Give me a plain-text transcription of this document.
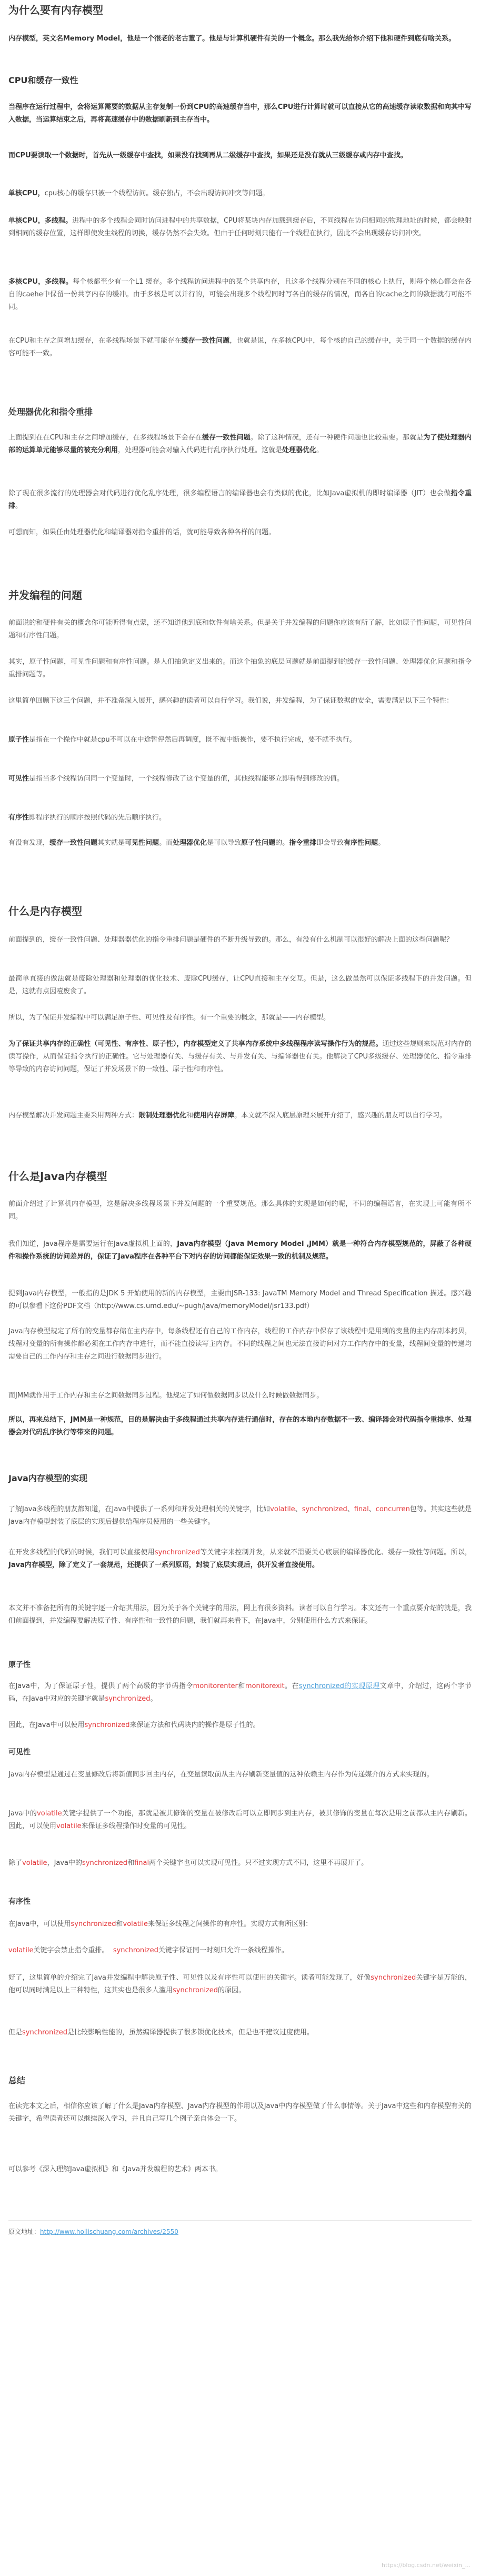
为什么要有内存模型

内存模型，英文名Memory Model，他是一个很老的老古董了。他是与计算机硬件有关的一个概念。那么我先给你介绍下他和硬件到底有啥关系。

CPU和缓存一致性

当程序在运行过程中，会将运算需要的数据从主存复制一份到CPU的高速缓存当中，那么CPU进行计算时就可以直接从它的高速缓存读取数据和向其中写入数据，当运算结束之后，再将高速缓存中的数据刷新到主存当中。

而CPU要读取一个数据时，首先从一级缓存中查找，如果没有找到再从二级缓存中查找，如果还是没有就从三级缓存或内存中查找。

单核CPU，cpu核心的缓存只被一个线程访问。缓存独占，不会出现访问冲突等问题。

单核CPU，多线程。进程中的多个线程会同时访问进程中的共享数据，CPU将某块内存加载到缓存后，不同线程在访问相同的物理地址的时候，都会映射到相同的缓存位置，这样即使发生线程的切换，缓存仍然不会失效。但由于任何时刻只能有一个线程在执行，因此不会出现缓存访问冲突。

多核CPU，多线程。每个核都至少有一个L1 缓存。多个线程访问进程中的某个共享内存，且这多个线程分别在不同的核心上执行，则每个核心都会在各自的caehe中保留一份共享内存的缓冲。由于多核是可以并行的，可能会出现多个线程同时写各自的缓存的情况，而各自的cache之间的数据就有可能不同。

在CPU和主存之间增加缓存，在多线程场景下就可能存在缓存一致性问题，也就是说，在多核CPU中，每个核的自己的缓存中，关于同一个数据的缓存内容可能不一致。

处理器优化和指令重排

上面提到在在CPU和主存之间增加缓存，在多线程场景下会存在缓存一致性问题。除了这种情况，还有一种硬件问题也比较重要。那就是为了使处理器内部的运算单元能够尽量的被充分利用，处理器可能会对输入代码进行乱序执行处理。这就是处理器优化。

除了现在很多流行的处理器会对代码进行优化乱序处理，很多编程语言的编译器也会有类似的优化，比如Java虚拟机的即时编译器（JIT）也会做指令重排。

可想而知，如果任由处理器优化和编译器对指令重排的话，就可能导致各种各样的问题。

并发编程的问题

前面说的和硬件有关的概念你可能听得有点蒙，还不知道他到底和软件有啥关系。但是关于并发编程的问题你应该有所了解，比如原子性问题，可见性问题和有序性问题。

其实，原子性问题，可见性问题和有序性问题。是人们抽象定义出来的。而这个抽象的底层问题就是前面提到的缓存一致性问题、处理器优化问题和指令重排问题等。

这里简单回顾下这三个问题，并不准备深入展开，感兴趣的读者可以自行学习。我们说，并发编程，为了保证数据的安全，需要满足以下三个特性：

原子性是指在一个操作中就是cpu不可以在中途暂停然后再调度，既不被中断操作，要不执行完成，要不就不执行。

可见性是指当多个线程访问同一个变量时，一个线程修改了这个变量的值，其他线程能够立即看得到修改的值。

有序性即程序执行的顺序按照代码的先后顺序执行。

有没有发现，缓存一致性问题其实就是可见性问题。而处理器优化是可以导致原子性问题的。指令重排即会导致有序性问题。

什么是内存模型

前面提到的，缓存一致性问题、处理器器优化的指令重排问题是硬件的不断升级导致的。那么，有没有什么机制可以很好的解决上面的这些问题呢？

最简单直接的做法就是废除处理器和处理器的优化技术、废除CPU缓存，让CPU直接和主存交互。但是，这么做虽然可以保证多线程下的并发问题。但是，这就有点因噎废食了。

所以，为了保证并发编程中可以满足原子性、可见性及有序性。有一个重要的概念，那就是——内存模型。

为了保证共享内存的正确性（可见性、有序性、原子性），内存模型定义了共享内存系统中多线程程序读写操作行为的规范。通过这些规则来规范对内存的读写操作，从而保证指令执行的正确性。它与处理器有关、与缓存有关、与并发有关、与编译器也有关。他解决了CPU多级缓存、处理器优化、指令重排等导致的内存访问问题，保证了并发场景下的一致性、原子性和有序性。

内存模型解决并发问题主要采用两种方式：限制处理器优化和使用内存屏障。本文就不深入底层原理来展开介绍了，感兴趣的朋友可以自行学习。

什么是Java内存模型

前面介绍过了计算机内存模型，这是解决多线程场景下并发问题的一个重要规范。那么具体的实现是如何的呢，不同的编程语言，在实现上可能有所不同。

我们知道，Java程序是需要运行在Java虚拟机上面的，Java内存模型（Java Memory Model ,JMM）就是一种符合内存模型规范的，屏蔽了各种硬件和操作系统的访问差异的，保证了Java程序在各种平台下对内存的访问都能保证效果一致的机制及规范。

提到Java内存模型，一般指的是JDK 5 开始使用的新的内存模型，主要由JSR-133: JavaTM Memory Model and Thread Specification 描述。感兴趣的可以参看下这份PDF文档（http://www.cs.umd.edu/~pugh/java/memoryModel/jsr133.pdf）

Java内存模型规定了所有的变量都存储在主内存中，每条线程还有自己的工作内存，线程的工作内存中保存了该线程中是用到的变量的主内存副本拷贝，线程对变量的所有操作都必须在工作内存中进行，而不能直接读写主内存。不同的线程之间也无法直接访问对方工作内存中的变量，线程间变量的传递均需要自己的工作内存和主存之间进行数据同步进行。

而JMM就作用于工作内存和主存之间数据同步过程。他规定了如何做数据同步以及什么时候做数据同步。

所以，再来总结下，JMM是一种规范，目的是解决由于多线程通过共享内存进行通信时，存在的本地内存数据不一致、编译器会对代码指令重排序、处理器会对代码乱序执行等带来的问题。

Java内存模型的实现

了解Java多线程的朋友都知道，在Java中提供了一系列和并发处理相关的关键字，比如volatile、synchronized、final、concurren包等。其实这些就是Java内存模型封装了底层的实现后提供给程序员使用的一些关键字。

在开发多线程的代码的时候，我们可以直接使用synchronized等关键字来控制并发，从来就不需要关心底层的编译器优化、缓存一致性等问题。所以，Java内存模型，除了定义了一套规范，还提供了一系列原语，封装了底层实现后，供开发者直接使用。

本文并不准备把所有的关键字逐一介绍其用法，因为关于各个关键字的用法，网上有很多资料。读者可以自行学习。本文还有一个重点要介绍的就是，我们前面提到，并发编程要解决原子性、有序性和一致性的问题，我们就再来看下，在Java中，分别使用什么方式来保证。

原子性

在Java中，为了保证原子性，提供了两个高级的字节码指令monitorenter和monitorexit。在synchronized的实现原理文章中，介绍过，这两个字节码，在Java中对应的关键字就是synchronized。

因此，在Java中可以使用synchronized来保证方法和代码块内的操作是原子性的。

可见性

Java内存模型是通过在变量修改后将新值同步回主内存，在变量读取前从主内存刷新变量值的这种依赖主内存作为传递媒介的方式来实现的。

Java中的volatile关键字提供了一个功能，那就是被其修饰的变量在被修改后可以立即同步到主内存，被其修饰的变量在每次是用之前都从主内存刷新。因此，可以使用volatile来保证多线程操作时变量的可见性。

除了volatile，Java中的synchronized和final两个关键字也可以实现可见性。只不过实现方式不同，这里不再展开了。

有序性

在Java中，可以使用synchronized和volatile来保证多线程之间操作的有序性。实现方式有所区别：

volatile关键字会禁止指令重排。 synchronized关键字保证同一时刻只允许一条线程操作。

好了，这里简单的介绍完了Java并发编程中解决原子性、可见性以及有序性可以使用的关键字。读者可能发现了，好像synchronized关键字是万能的，他可以同时满足以上三种特性，这其实也是很多人滥用synchronized的原因。

但是synchronized是比较影响性能的，虽然编译器提供了很多锁优化技术，但是也不建议过度使用。

总结

在读完本文之后，相信你应该了解了什么是Java内存模型、Java内存模型的作用以及Java中内存模型做了什么事情等。关于Java中这些和内存模型有关的关键字，希望读者还可以继续深入学习，并且自己写几个例子亲自体会一下。

可以参考《深入理解Java虚拟机》和《Java并发编程的艺术》两本书。

原文地址：http://www.hollischuang.com/archives/2550

https://blog.csdn.net/weixin_...
